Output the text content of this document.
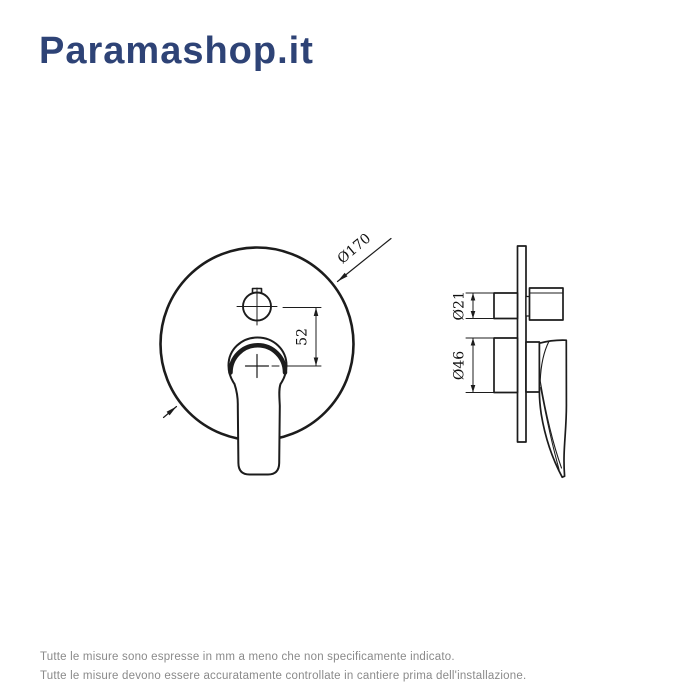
Paramashop.it
52
Ø170
Ø21
Ø46
Tutte le misure sono espresse in mm a meno che non specificamente indicato.
Tutte le misure devono essere accuratamente controllate in cantiere prima dell'installazione.
